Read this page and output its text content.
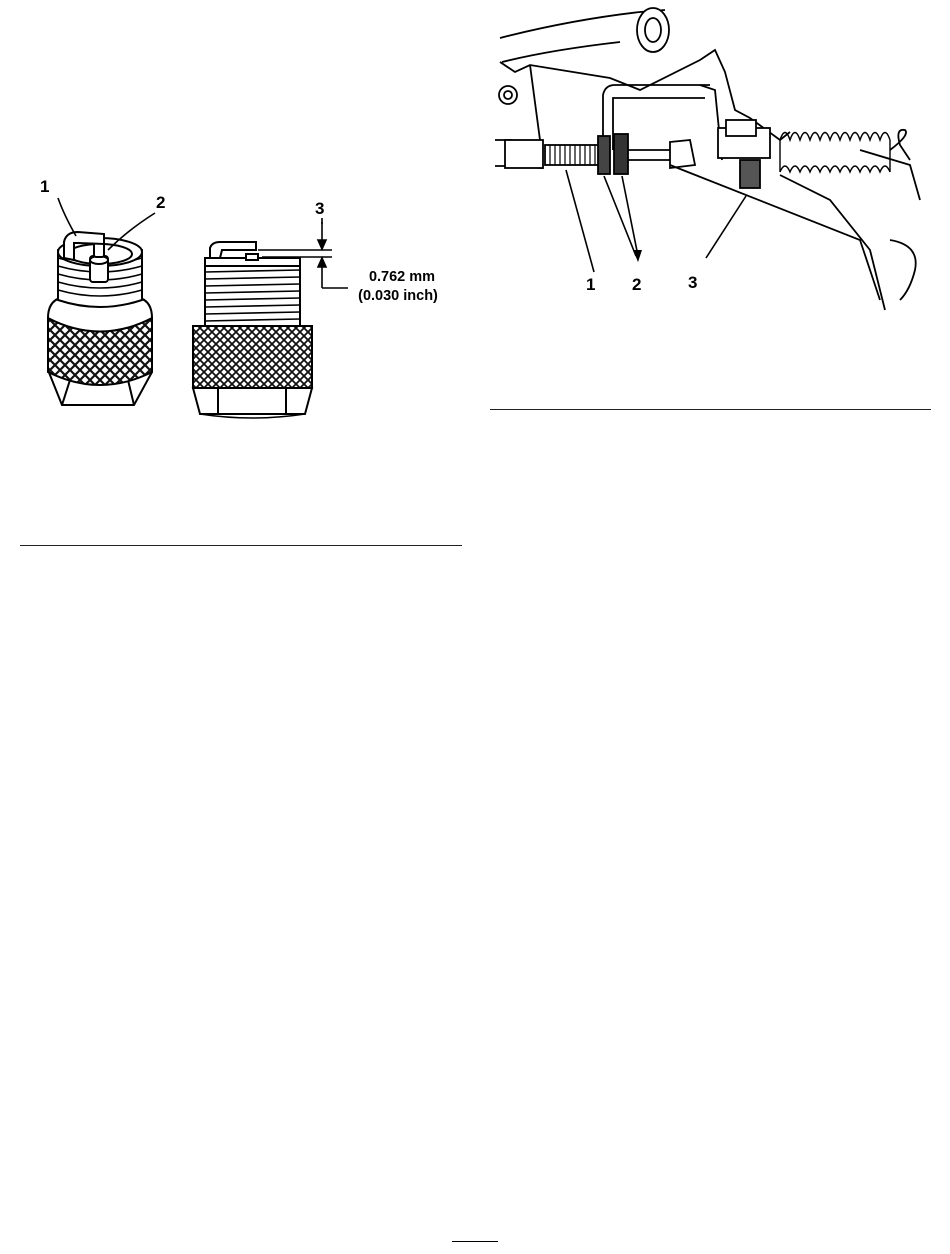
1
2	3
0.762 mm
(0.030 inch)
1 2	3
